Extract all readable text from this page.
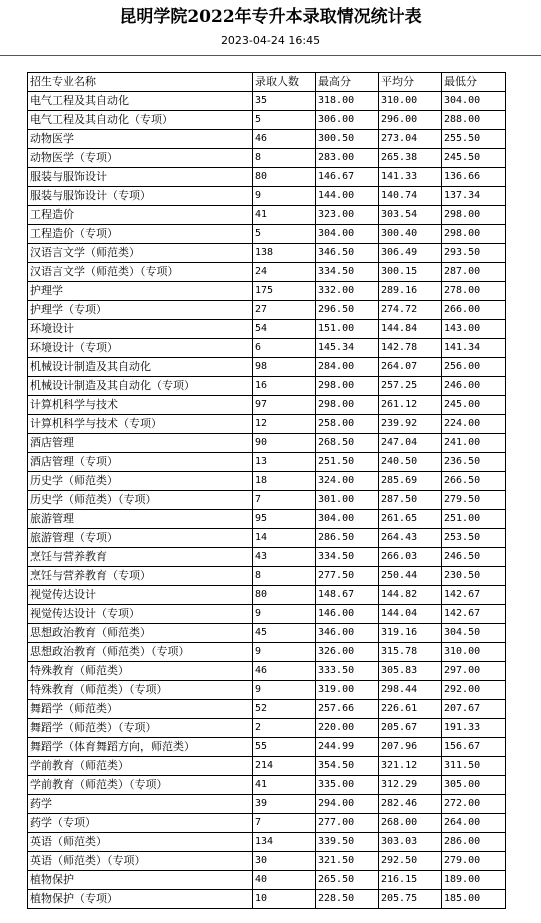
昆明学院2022年专升本录取情况统计表
2023-04-24 16:45
招生专业名称	录取人数	最高分	平均分	最低分
电气工程及其自动化	35	318.00	310.00	304.00
电气工程及其自动化（专项）	5	306.00	296.00	288.00
动物医学	46	300.50	273.04	255.50
动物医学（专项）	8	283.00	265.38	245.50
服装与服饰设计	80	146.67	141.33	136.66
服装与服饰设计（专项）	9	144.00	140.74	137.34
工程造价	41	323.00	303.54	298.00
工程造价（专项）	5	304.00	300.40	298.00
汉语言文学（师范类）	138	346.50	306.49	293.50
汉语言文学（师范类）（专项）	24	334.50	300.15	287.00
护理学	175	332.00	289.16	278.00
护理学（专项）	27	296.50	274.72	266.00
环境设计	54	151.00	144.84	143.00
环境设计（专项）	6	145.34	142.78	141.34
机械设计制造及其自动化	98	284.00	264.07	256.00
机械设计制造及其自动化（专项）	16	298.00	257.25	246.00
计算机科学与技术	97	298.00	261.12	245.00
计算机科学与技术（专项）	12	258.00	239.92	224.00
酒店管理	90	268.50	247.04	241.00
酒店管理（专项）	13	251.50	240.50	236.50
历史学（师范类）	18	324.00	285.69	266.50
历史学（师范类）（专项）	7	301.00	287.50	279.50
旅游管理	95	304.00	261.65	251.00
旅游管理（专项）	14	286.50	264.43	253.50
烹饪与营养教育	43	334.50	266.03	246.50
烹饪与营养教育（专项）	8	277.50	250.44	230.50
视觉传达设计	80	148.67	144.82	142.67
视觉传达设计（专项）	9	146.00	144.04	142.67
思想政治教育（师范类）	45	346.00	319.16	304.50
思想政治教育（师范类）（专项）	9	326.00	315.78	310.00
特殊教育（师范类）	46	333.50	305.83	297.00
特殊教育（师范类）（专项）	9	319.00	298.44	292.00
舞蹈学（师范类）	52	257.66	226.61	207.67
舞蹈学（师范类）（专项）	2	220.00	205.67	191.33
舞蹈学（体育舞蹈方向，师范类）	55	244.99	207.96	156.67
学前教育（师范类）	214	354.50	321.12	311.50
学前教育（师范类）（专项）	41	335.00	312.29	305.00
药学	39	294.00	282.46	272.00
药学（专项）	7	277.00	268.00	264.00
英语（师范类）	134	339.50	303.03	286.00
英语（师范类）（专项）	30	321.50	292.50	279.00
植物保护	40	265.50	216.15	189.00
植物保护（专项）	10	228.50	205.75	185.00
